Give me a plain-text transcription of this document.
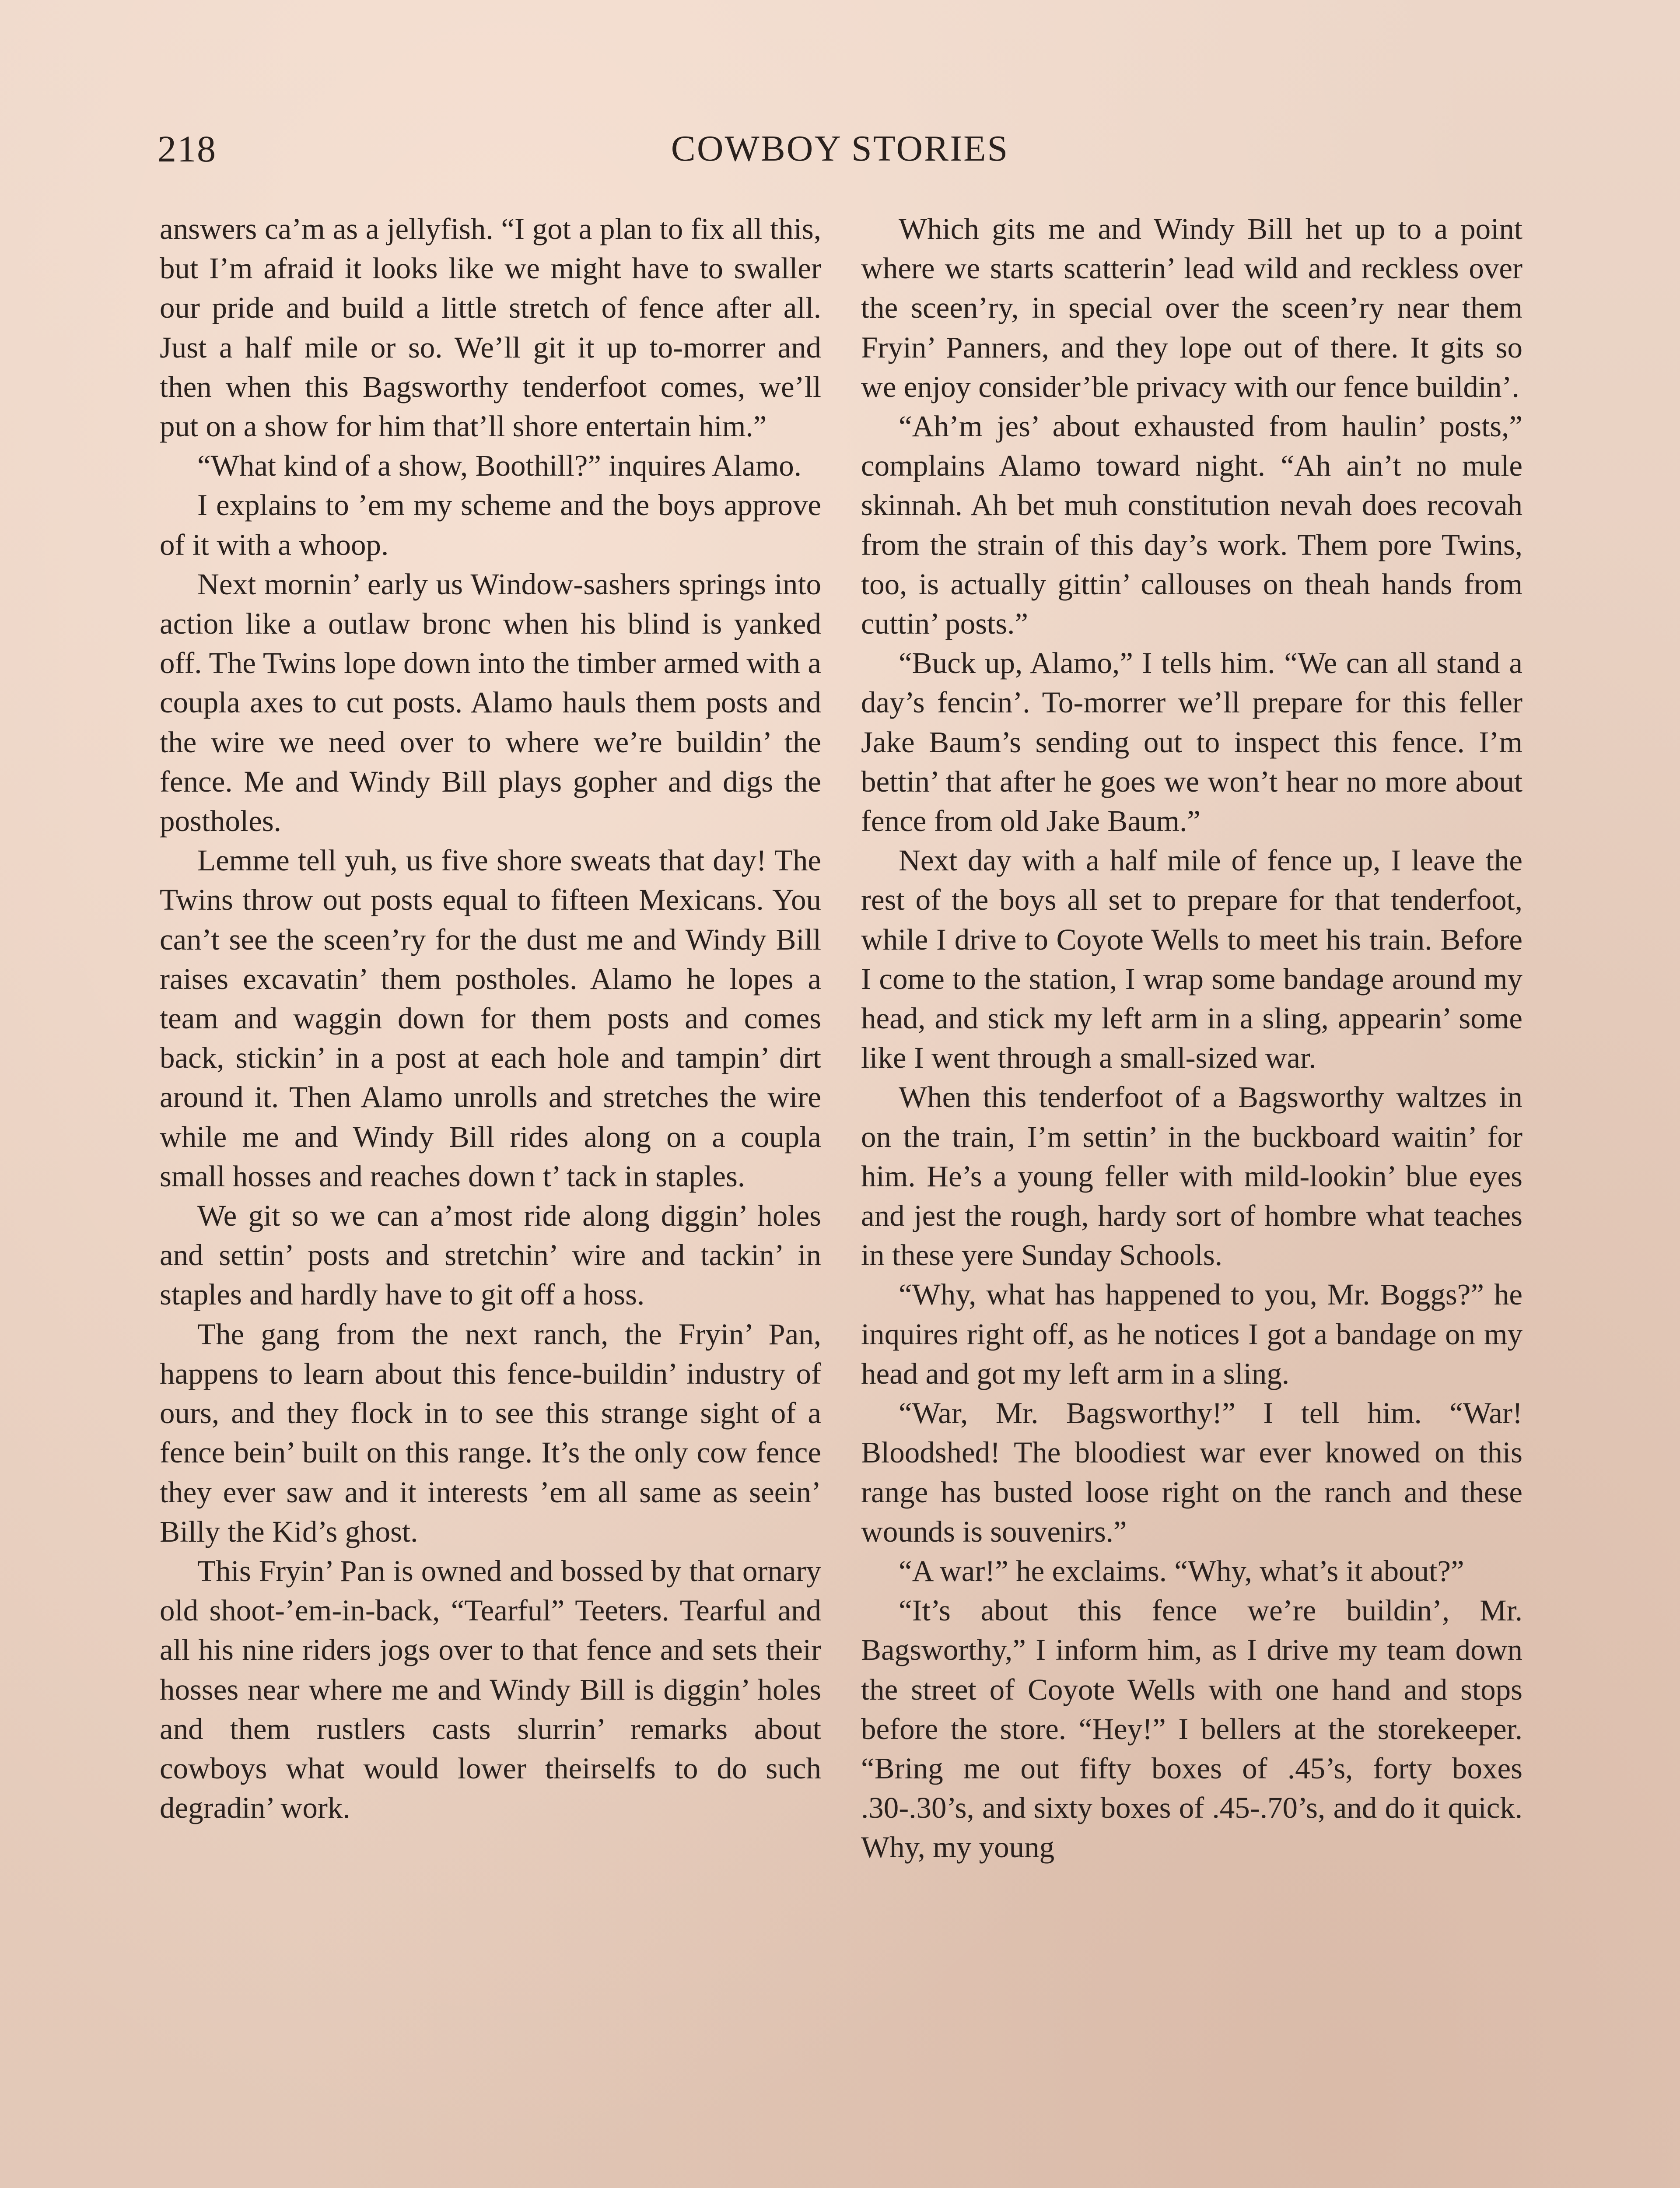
218	COWBOY STORIES

answers ca’m as a jellyfish. “I got a plan to fix all this, but I’m afraid it looks like we might have to swaller our pride and build a little stretch of fence after all. Just a half mile or so. We’ll git it up to-morrer and then when this Bagsworthy tenderfoot comes, we’ll put on a show for him that’ll shore entertain him.”

“What kind of a show, Boothill?” inquires Alamo.

I explains to ’em my scheme and the boys approve of it with a whoop.

Next mornin’ early us Window-sashers springs into action like a outlaw bronc when his blind is yanked off. The Twins lope down into the timber armed with a coupla axes to cut posts. Alamo hauls them posts and the wire we need over to where we’re buildin’ the fence. Me and Windy Bill plays gopher and digs the postholes.

Lemme tell yuh, us five shore sweats that day! The Twins throw out posts equal to fifteen Mexicans. You can’t see the sceen’ry for the dust me and Windy Bill raises excavatin’ them postholes. Alamo he lopes a team and waggin down for them posts and comes back, stickin’ in a post at each hole and tampin’ dirt around it. Then Alamo unrolls and stretches the wire while me and Windy Bill rides along on a coupla small hosses and reaches down t’ tack in staples.

We git so we can a’most ride along diggin’ holes and settin’ posts and stretchin’ wire and tackin’ in staples and hardly have to git off a hoss.

The gang from the next ranch, the Fryin’ Pan, happens to learn about this fence-buildin’ industry of ours, and they flock in to see this strange sight of a fence bein’ built on this range. It’s the only cow fence they ever saw and it interests ’em all same as seein’ Billy the Kid’s ghost.

This Fryin’ Pan is owned and bossed by that ornary old shoot-’em-in-back, “Tearful” Teeters. Tearful and all his nine riders jogs over to that fence and sets their hosses near where me and Windy Bill is diggin’ holes and them rustlers casts slurrin’ remarks about cowboys what would lower theirselfs to do such degradin’ work.

Which gits me and Windy Bill het up to a point where we starts scatterin’ lead wild and reckless over the sceen’ry, in special over the sceen’ry near them Fryin’ Panners, and they lope out of there. It gits so we enjoy consider’ble privacy with our fence buildin’.

“Ah’m jes’ about exhausted from haulin’ posts,” complains Alamo toward night. “Ah ain’t no mule skinnah. Ah bet muh constitution nevah does recovah from the strain of this day’s work. Them pore Twins, too, is actually gittin’ callouses on theah hands from cuttin’ posts.”

“Buck up, Alamo,” I tells him. “We can all stand a day’s fencin’. To-morrer we’ll prepare for this feller Jake Baum’s sending out to inspect this fence. I’m bettin’ that after he goes we won’t hear no more about fence from old Jake Baum.”

Next day with a half mile of fence up, I leave the rest of the boys all set to prepare for that tenderfoot, while I drive to Coyote Wells to meet his train. Before I come to the station, I wrap some bandage around my head, and stick my left arm in a sling, appearin’ some like I went through a small-sized war.

When this tenderfoot of a Bagsworthy waltzes in on the train, I’m settin’ in the buckboard waitin’ for him. He’s a young feller with mild-lookin’ blue eyes and jest the rough, hardy sort of hombre what teaches in these yere Sunday Schools.

“Why, what has happened to you, Mr. Boggs?” he inquires right off, as he notices I got a bandage on my head and got my left arm in a sling.

“War, Mr. Bagsworthy!” I tell him. “War! Bloodshed! The bloodiest war ever knowed on this range has busted loose right on the ranch and these wounds is souvenirs.”

“A war!” he exclaims. “Why, what’s it about?”

“It’s about this fence we’re buildin’, Mr. Bagsworthy,” I inform him, as I drive my team down the street of Coyote Wells with one hand and stops before the store. “Hey!” I bellers at the storekeeper. “Bring me out fifty boxes of .45’s, forty boxes .30-.30’s, and sixty boxes of .45-.70’s, and do it quick. Why, my young
